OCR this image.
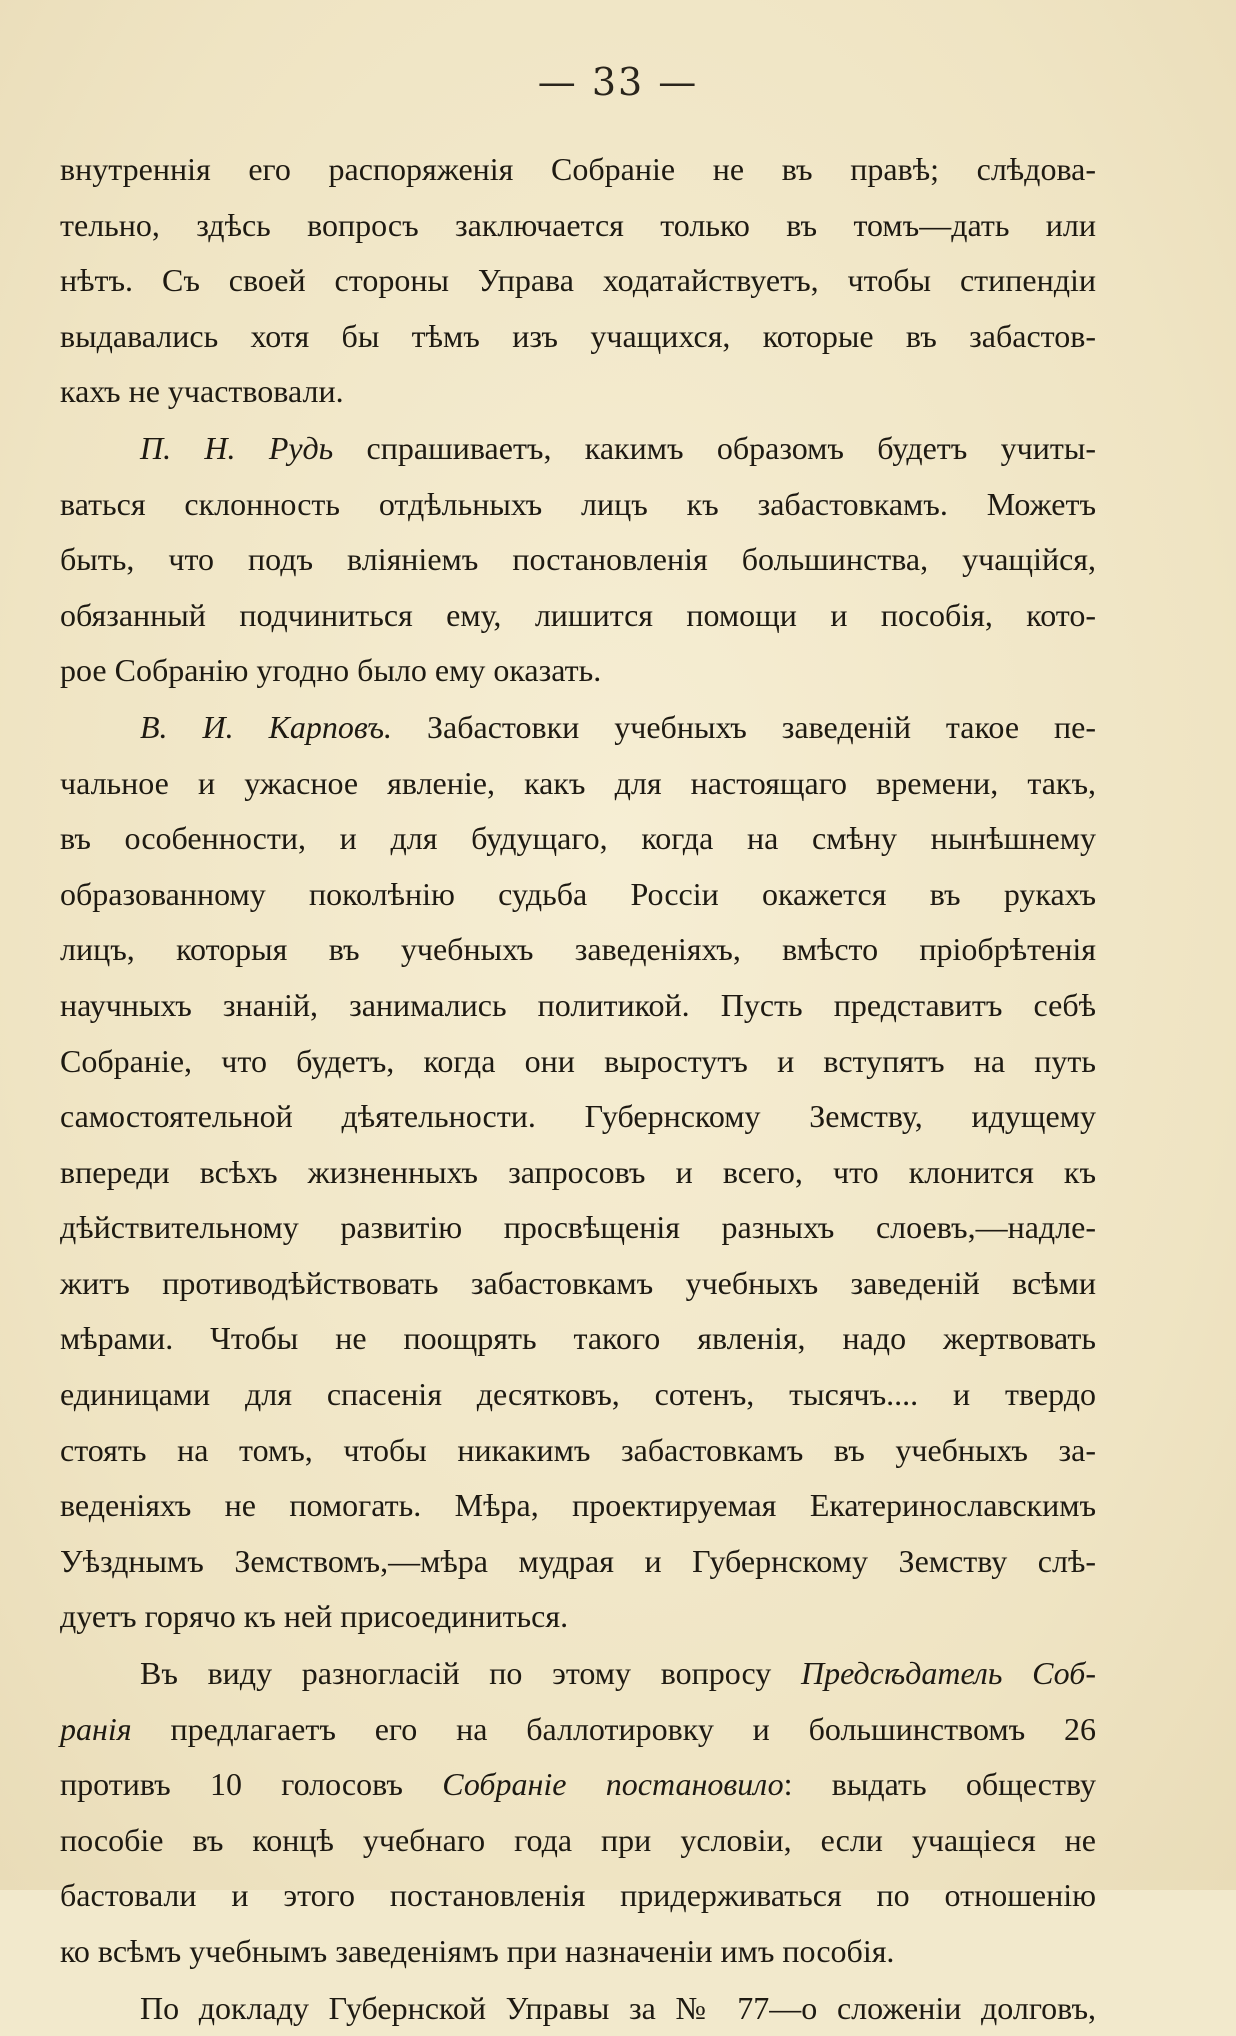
— 33 —
внутреннія его распоряженія Собраніе не въ правѣ; слѣдова-
тельно, здѣсь вопросъ заключается только въ томъ—дать или
нѣтъ. Съ своей стороны Управа ходатайствуетъ, чтобы стипендіи
выдавались хотя бы тѣмъ изъ учащихся, которые въ забастов-
кахъ не участвовали.
П. Н. Рудь спрашиваетъ, какимъ образомъ будетъ учиты-
ваться склонность отдѣльныхъ лицъ къ забастовкамъ. Можетъ
быть, что подъ вліяніемъ постановленія большинства, учащійся,
обязанный подчиниться ему, лишится помощи и пособія, кото-
рое Собранію угодно было ему оказать.
В. И. Карповъ. Забастовки учебныхъ заведеній такое пе-
чальное и ужасное явленіе, какъ для настоящаго времени, такъ,
въ особенности, и для будущаго, когда на смѣну нынѣшнему
образованному поколѣнію судьба Россіи окажется въ рукахъ
лицъ, которыя въ учебныхъ заведеніяхъ, вмѣсто пріобрѣтенія
научныхъ знаній, занимались политикой. Пусть представитъ себѣ
Собраніе, что будетъ, когда они выростутъ и вступятъ на путь
самостоятельной дѣятельности. Губернскому Земству, идущему
впереди всѣхъ жизненныхъ запросовъ и всего, что клонится къ
дѣйствительному развитію просвѣщенія разныхъ слоевъ,—надле-
житъ противодѣйствовать забастовкамъ учебныхъ заведеній всѣми
мѣрами. Чтобы не поощрять такого явленія, надо жертвовать
единицами для спасенія десятковъ, сотенъ, тысячъ.... и твердо
стоять на томъ, чтобы никакимъ забастовкамъ въ учебныхъ за-
веденіяхъ не помогать. Мѣра, проектируемая Екатеринославскимъ
Уѣзднымъ Земствомъ,—мѣра мудрая и Губернскому Земству слѣ-
дуетъ горячо къ ней присоединиться.
Въ виду разногласій по этому вопросу Предсѣдатель Соб-
ранія предлагаетъ его на баллотировку и большинствомъ 26
противъ 10 голосовъ Собраніе постановило: выдать обществу
пособіе въ концѣ учебнаго года при условіи, если учащіеся не
бастовали и этого постановленія придерживаться по отношенію
ко всѣмъ учебнымъ заведеніямъ при назначеніи имъ пособія.
По докладу Губернской Управы за № 77—о сложеніи долговъ,
